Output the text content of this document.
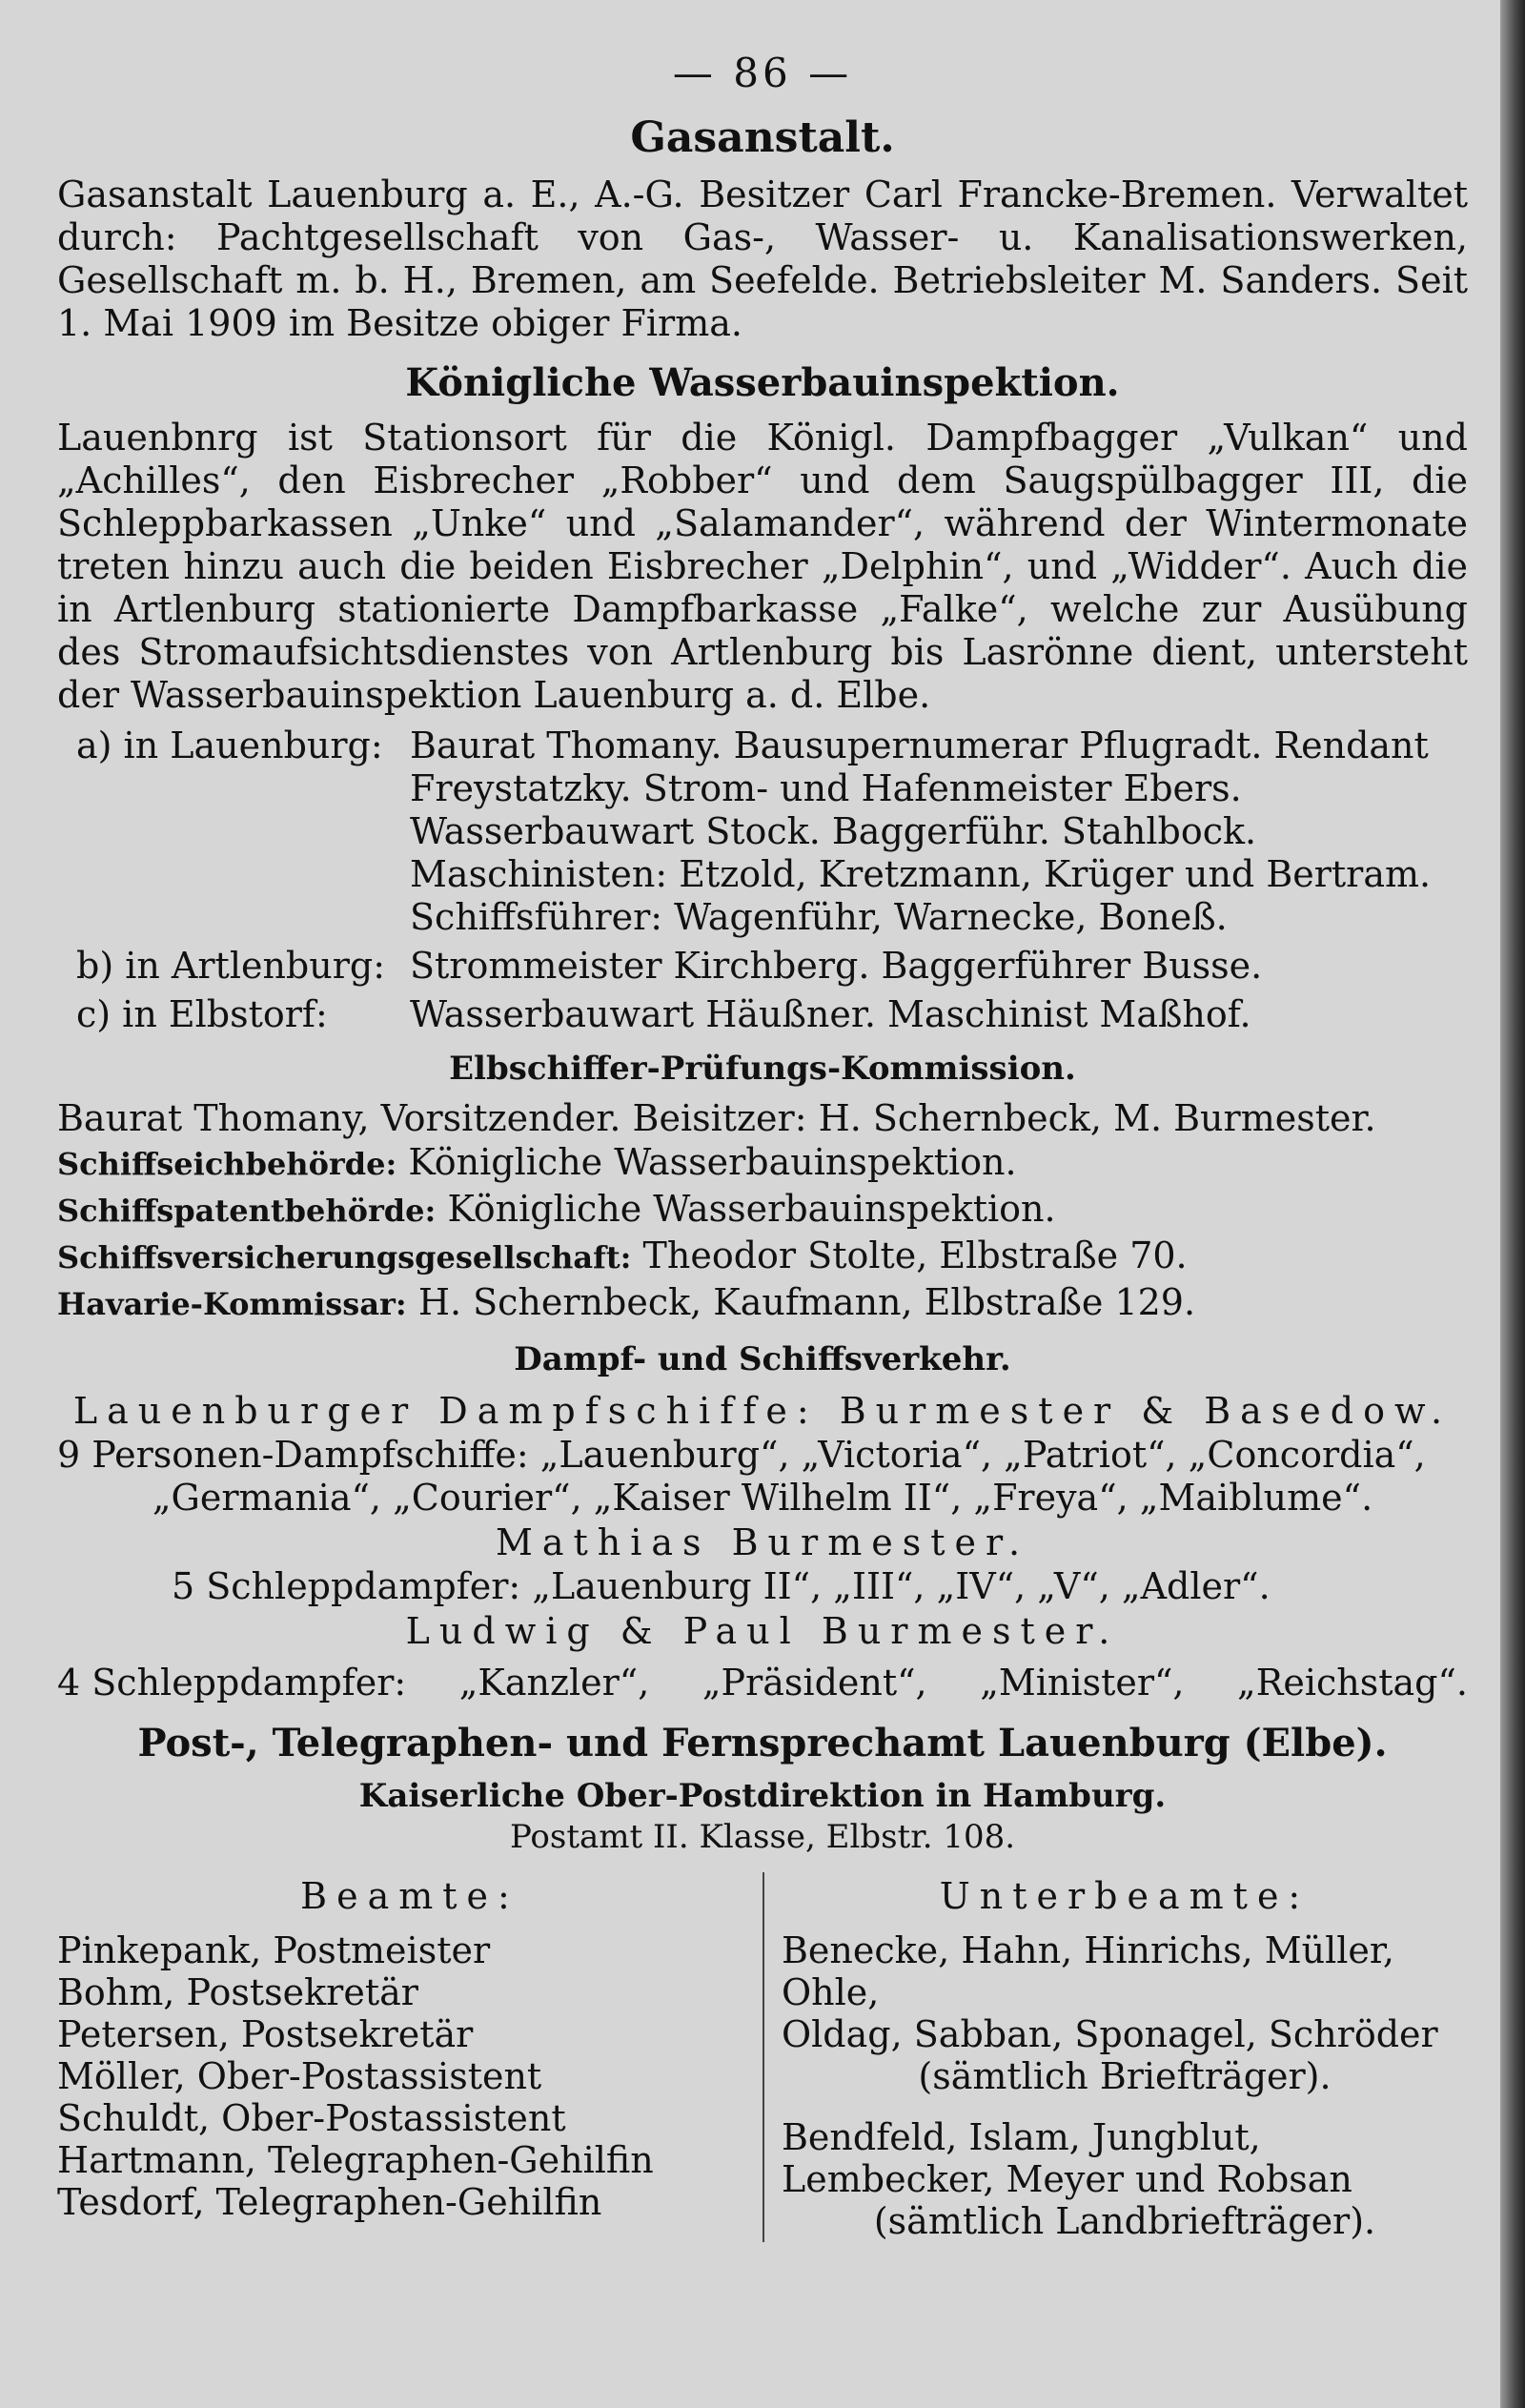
— 86 —
Gasanstalt.
Gasanstalt Lauenburg a. E., A.-G. Besitzer Carl Francke-Bremen. Verwaltet durch: Pachtgesellschaft von Gas-, Wasser- u. Kanalisationswerken, Gesellschaft m. b. H., Bremen, am Seefelde. Betriebsleiter M. Sanders. Seit 1. Mai 1909 im Besitze obiger Firma.
Königliche Wasserbauinspektion.
Lauenbnrg ist Stationsort für die Königl. Dampfbagger „Vulkan“ und „Achilles“, den Eisbrecher „Robber“ und dem Saugspülbagger III, die Schleppbarkassen „Unke“ und „Salamander“, während der Wintermonate treten hinzu auch die beiden Eisbrecher „Delphin“, und „Widder“. Auch die in Artlenburg stationierte Dampfbarkasse „Falke“, welche zur Ausübung des Stromaufsichtsdienstes von Artlenburg bis Lasrönne dient, untersteht der Wasserbauinspektion Lauenburg a. d. Elbe.
a) in Lauenburg: Baurat Thomany. Bausupernumerar Pflugradt. Rendant Freystatzky. Strom- und Hafenmeister Ebers. Wasserbauwart Stock. Baggerführ. Stahlbock. Maschinisten: Etzold, Kretzmann, Krüger und Bertram. Schiffsführer: Wagenführ, Warnecke, Boneß.
b) in Artlenburg: Strommeister Kirchberg. Baggerführer Busse.
c) in Elbstorf:	Wasserbauwart Häußner. Maschinist Maßhof.
Elbschiffer-Prüfungs-Kommission.
Baurat Thomany, Vorsitzender. Beisitzer: H. Schernbeck, M. Burmester.
Schiffseichbehörde: Königliche Wasserbauinspektion.
Schiffspatentbehörde: Königliche Wasserbauinspektion.
Schiffsversicherungsgesellschaft: Theodor Stolte, Elbstraße 70.
Havarie-Kommissar: H. Schernbeck, Kaufmann, Elbstraße 129.
Dampf- und Schiffsverkehr.
Lauenburger Dampfschiffe: Burmester & Basedow.
9 Personen-Dampfschiffe: „Lauenburg“, „Victoria“, „Patriot“, „Concordia“,
„Germania“, „Courier“, „Kaiser Wilhelm II“, „Freya“, „Maiblume“.
Mathias Burmester.
5 Schleppdampfer: „Lauenburg II“, „III“, „IV“, „V“, „Adler“.
Ludwig & Paul Burmester.
4 Schleppdampfer: „Kanzler“, „Präsident“, „Minister“, „Reichstag“.
Post-, Telegraphen- und Fernsprechamt Lauenburg (Elbe).
Kaiserliche Ober-Postdirektion in Hamburg.
Postamt II. Klasse, Elbstr. 108.
Beamte:
Pinkepank, Postmeister
Bohm, Postsekretär
Petersen, Postsekretär
Möller, Ober-Postassistent
Schuldt, Ober-Postassistent
Hartmann, Telegraphen-Gehilfin
Tesdorf, Telegraphen-Gehilfin
Unterbeamte:
Benecke, Hahn, Hinrichs, Müller, Ohle,
Oldag, Sabban, Sponagel, Schröder
(sämtlich Briefträger).
Bendfeld, Islam, Jungblut,
Lembecker, Meyer und Robsan
(sämtlich Landbriefträger).
